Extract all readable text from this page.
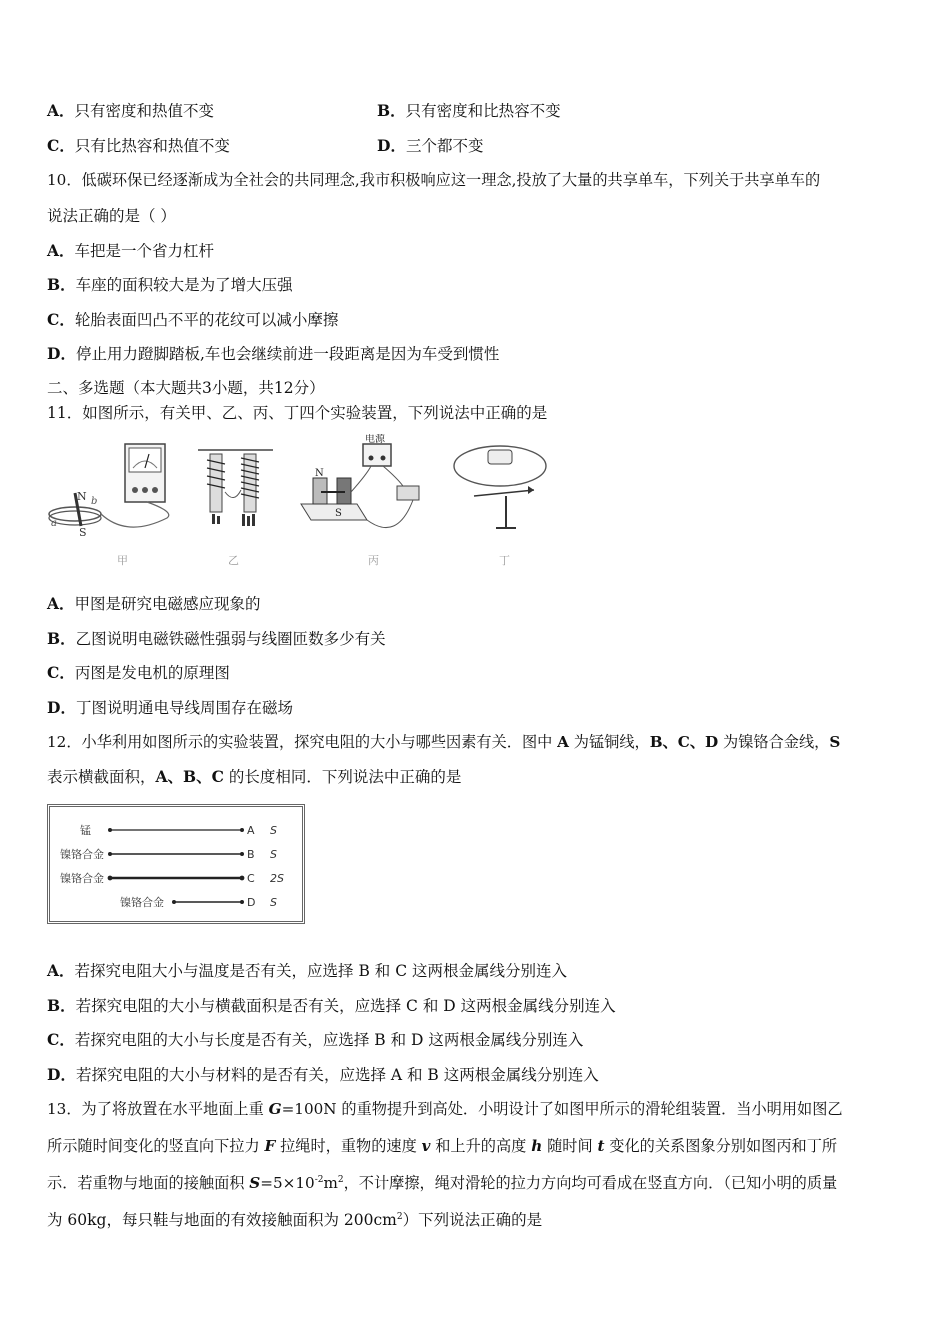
A．只有密度和热值不变	B．只有密度和比热容不变
C．只有比热容和热值不变	D．三个都不变
10．低碳环保已经逐渐成为全社会的共同理念,我市积极响应这一理念,投放了大量的共享单车，下列关于共享单车的
说法正确的是（ ）
A．车把是一个省力杠杆
B．车座的面积较大是为了增大压强
C．轮胎表面凹凸不平的花纹可以减小摩擦
D．停止用力蹬脚踏板,车也会继续前进一段距离是因为车受到惯性
二、多选题（本大题共3小题，共12分）
11．如图所示，有关甲、乙、丙、丁四个实验装置，下列说法中正确的是
N
S
a
b
甲	乙
电源
N
S
丙	丁
A．甲图是研究电磁感应现象的
B．乙图说明电磁铁磁性强弱与线圈匝数多少有关
C．丙图是发电机的原理图
D．丁图说明通电导线周围存在磁场
12．小华利用如图所示的实验装置，探究电阻的大小与哪些因素有关．图中 A 为锰铜线，B、C、D 为镍铬合金线，S
表示横截面积，A、B、C 的长度相同．下列说法中正确的是
锰	A S
镍铬合金	B S
镍铬合金	C 2S
镍铬合金	D S
A．若探究电阻大小与温度是否有关，应选择 B 和 C 这两根金属线分别连入
B．若探究电阻的大小与横截面积是否有关，应选择 C 和 D 这两根金属线分别连入
C．若探究电阻的大小与长度是否有关，应选择 B 和 D 这两根金属线分别连入
D．若探究电阻的大小与材料的是否有关，应选择 A 和 B 这两根金属线分别连入
13．为了将放置在水平地面上重 G=100N 的重物提升到高处．小明设计了如图甲所示的滑轮组装置．当小明用如图乙
所示随时间变化的竖直向下拉力 F 拉绳时，重物的速度 v 和上升的高度 h 随时间 t 变化的关系图象分别如图丙和丁所
示．若重物与地面的接触面积 $S=5\times 10^{-2}m^2$，不计摩擦，绳对滑轮的拉力方向均可看成在竖直方向．（已知小明的质量
为 60kg，每只鞋与地面的有效接触面积为 $200cm^2$）下列说法正确的是
